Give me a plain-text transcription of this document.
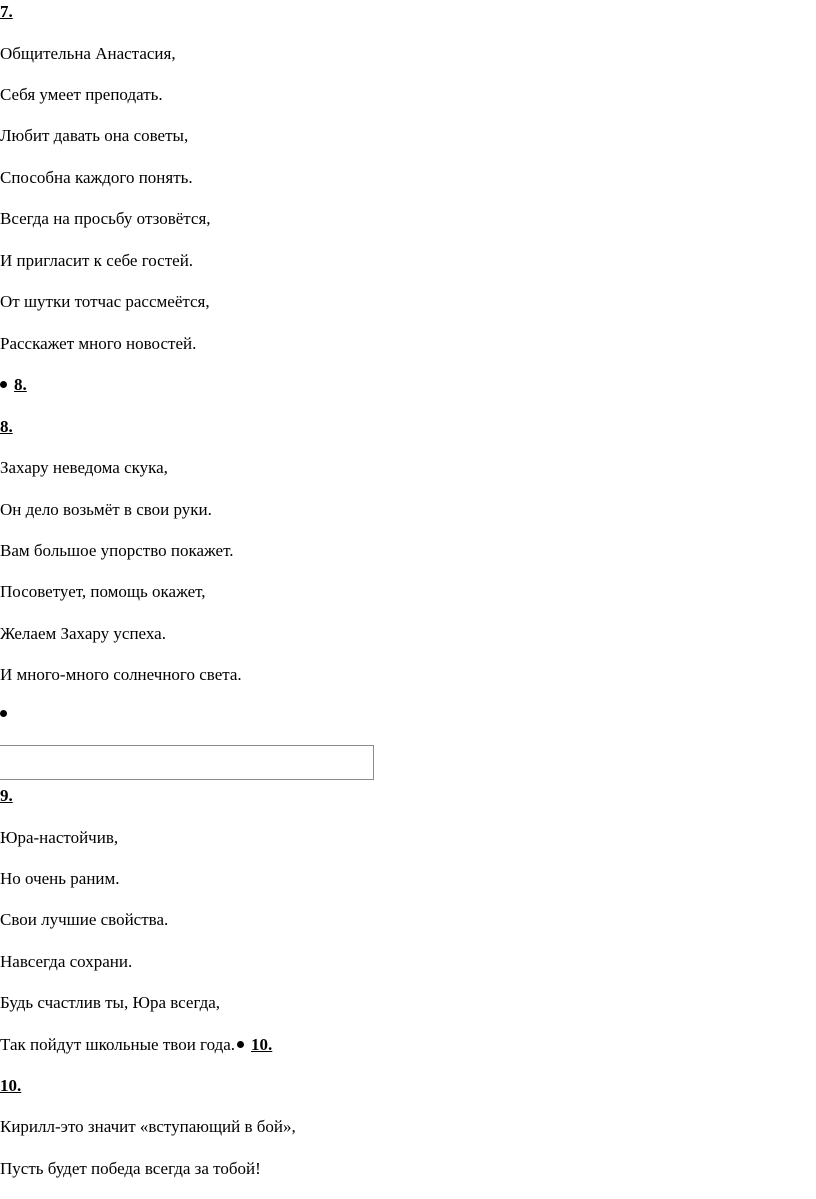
7.
Общительна Анастасия,
Себя умеет преподать.
Любит давать она советы,
Способна каждого понять.
Всегда на просьбу отзовётся,
И пригласит к себе гостей.
От шутки тотчас рассмеётся,
Расскажет много новостей.
8.
8.
Захару неведома скука,
Он дело возьмёт в свои руки.
Вам большое упорство покажет.
Посоветует, помощь окажет,
Желаем Захару успеха.
И много-много солнечного света.
9.
Юра-настойчив,
Но очень раним.
Свои лучшие свойства.
Навсегда сохрани.
Будь счастлив ты, Юра всегда,
Так пойдут школьные твои года. 10.
10.
Кирилл-это значит «вступающий в бой»,
Пусть будет победа всегда за тобой!
